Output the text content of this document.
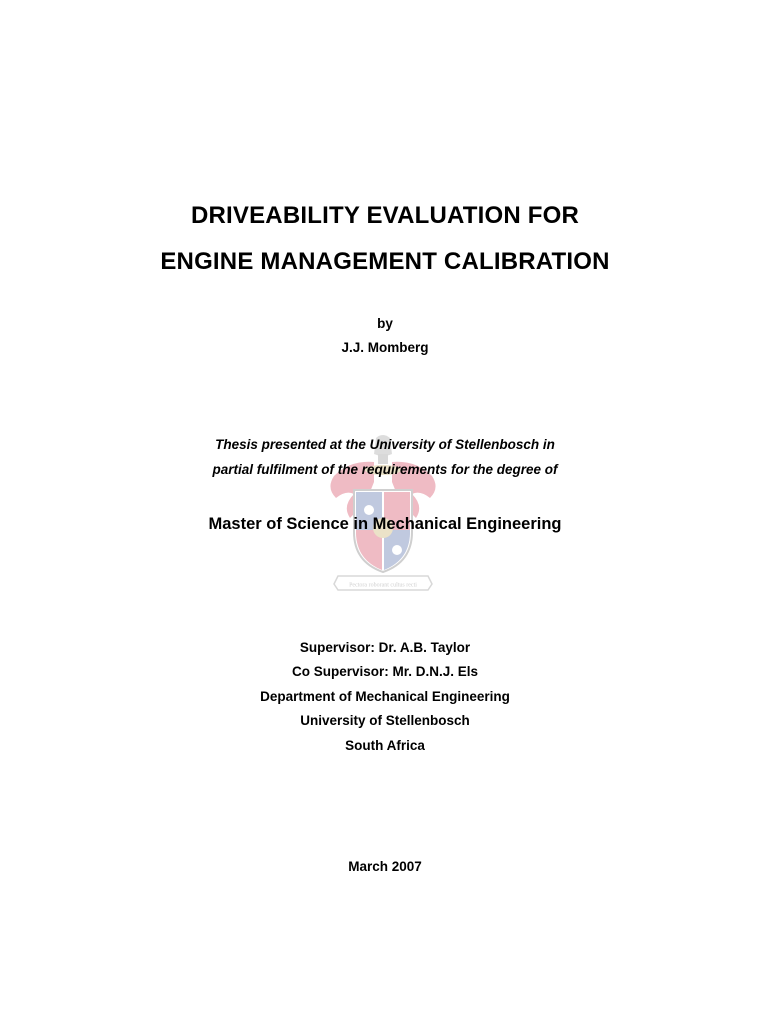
Pectora roborant cultus recti
DRIVEABILITY EVALUATION FOR
ENGINE MANAGEMENT CALIBRATION
by
J.J. Momberg
Thesis presented at the University of Stellenbosch in
partial fulfilment of the requirements for the degree of
Master of Science in Mechanical Engineering
Supervisor: Dr. A.B. Taylor
Co Supervisor: Mr. D.N.J. Els
Department of Mechanical Engineering
University of Stellenbosch
South Africa
March 2007
